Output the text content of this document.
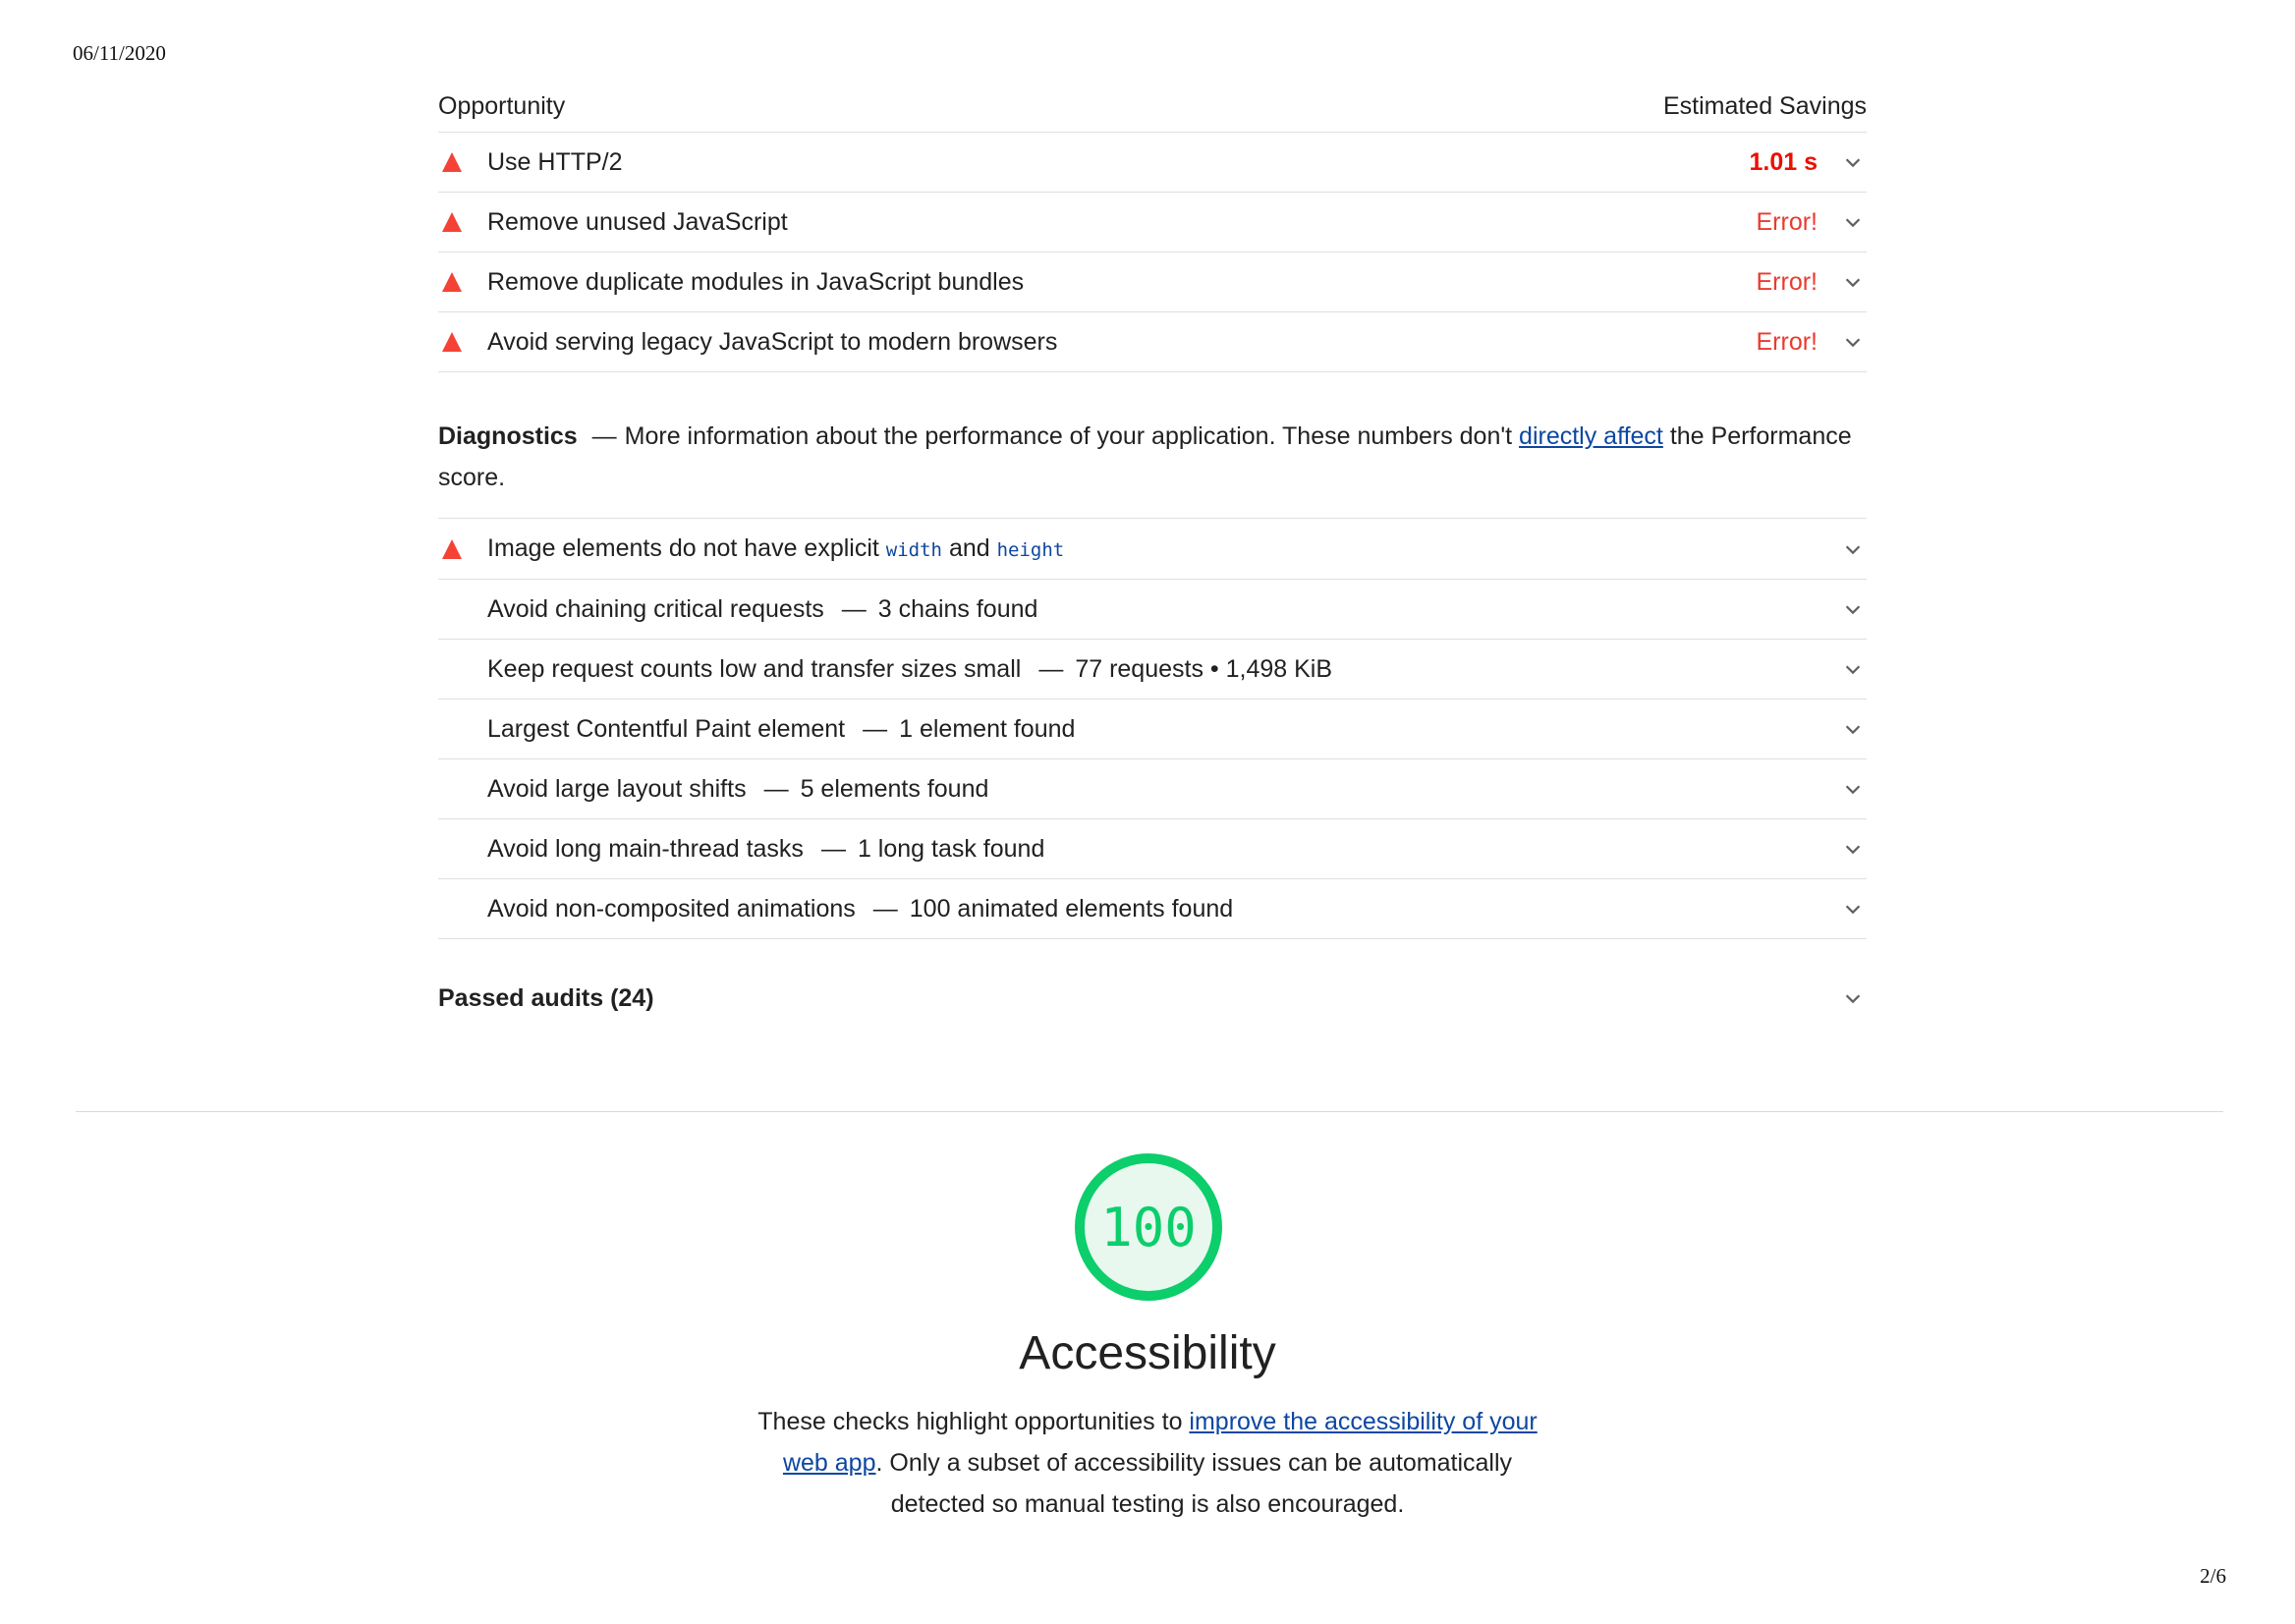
06/11/2020
Opportunity	Estimated Savings
Use HTTP/2	1.01 s
Remove unused JavaScript	Error!
Remove duplicate modules in JavaScript bundles	Error!
Avoid serving legacy JavaScript to modern browsers	Error!
Diagnostics — More information about the performance of your application. These numbers don't directly affect the Performance score.
Image elements do not have explicit width and height
Avoid chaining critical requests — 3 chains found
Keep request counts low and transfer sizes small — 77 requests • 1,498 KiB
Largest Contentful Paint element — 1 element found
Avoid large layout shifts — 5 elements found
Avoid long main-thread tasks — 1 long task found
Avoid non-composited animations — 100 animated elements found
Passed audits (24)
100
Accessibility
These checks highlight opportunities to improve the accessibility of your web app. Only a subset of accessibility issues can be automatically detected so manual testing is also encouraged.
2/6
